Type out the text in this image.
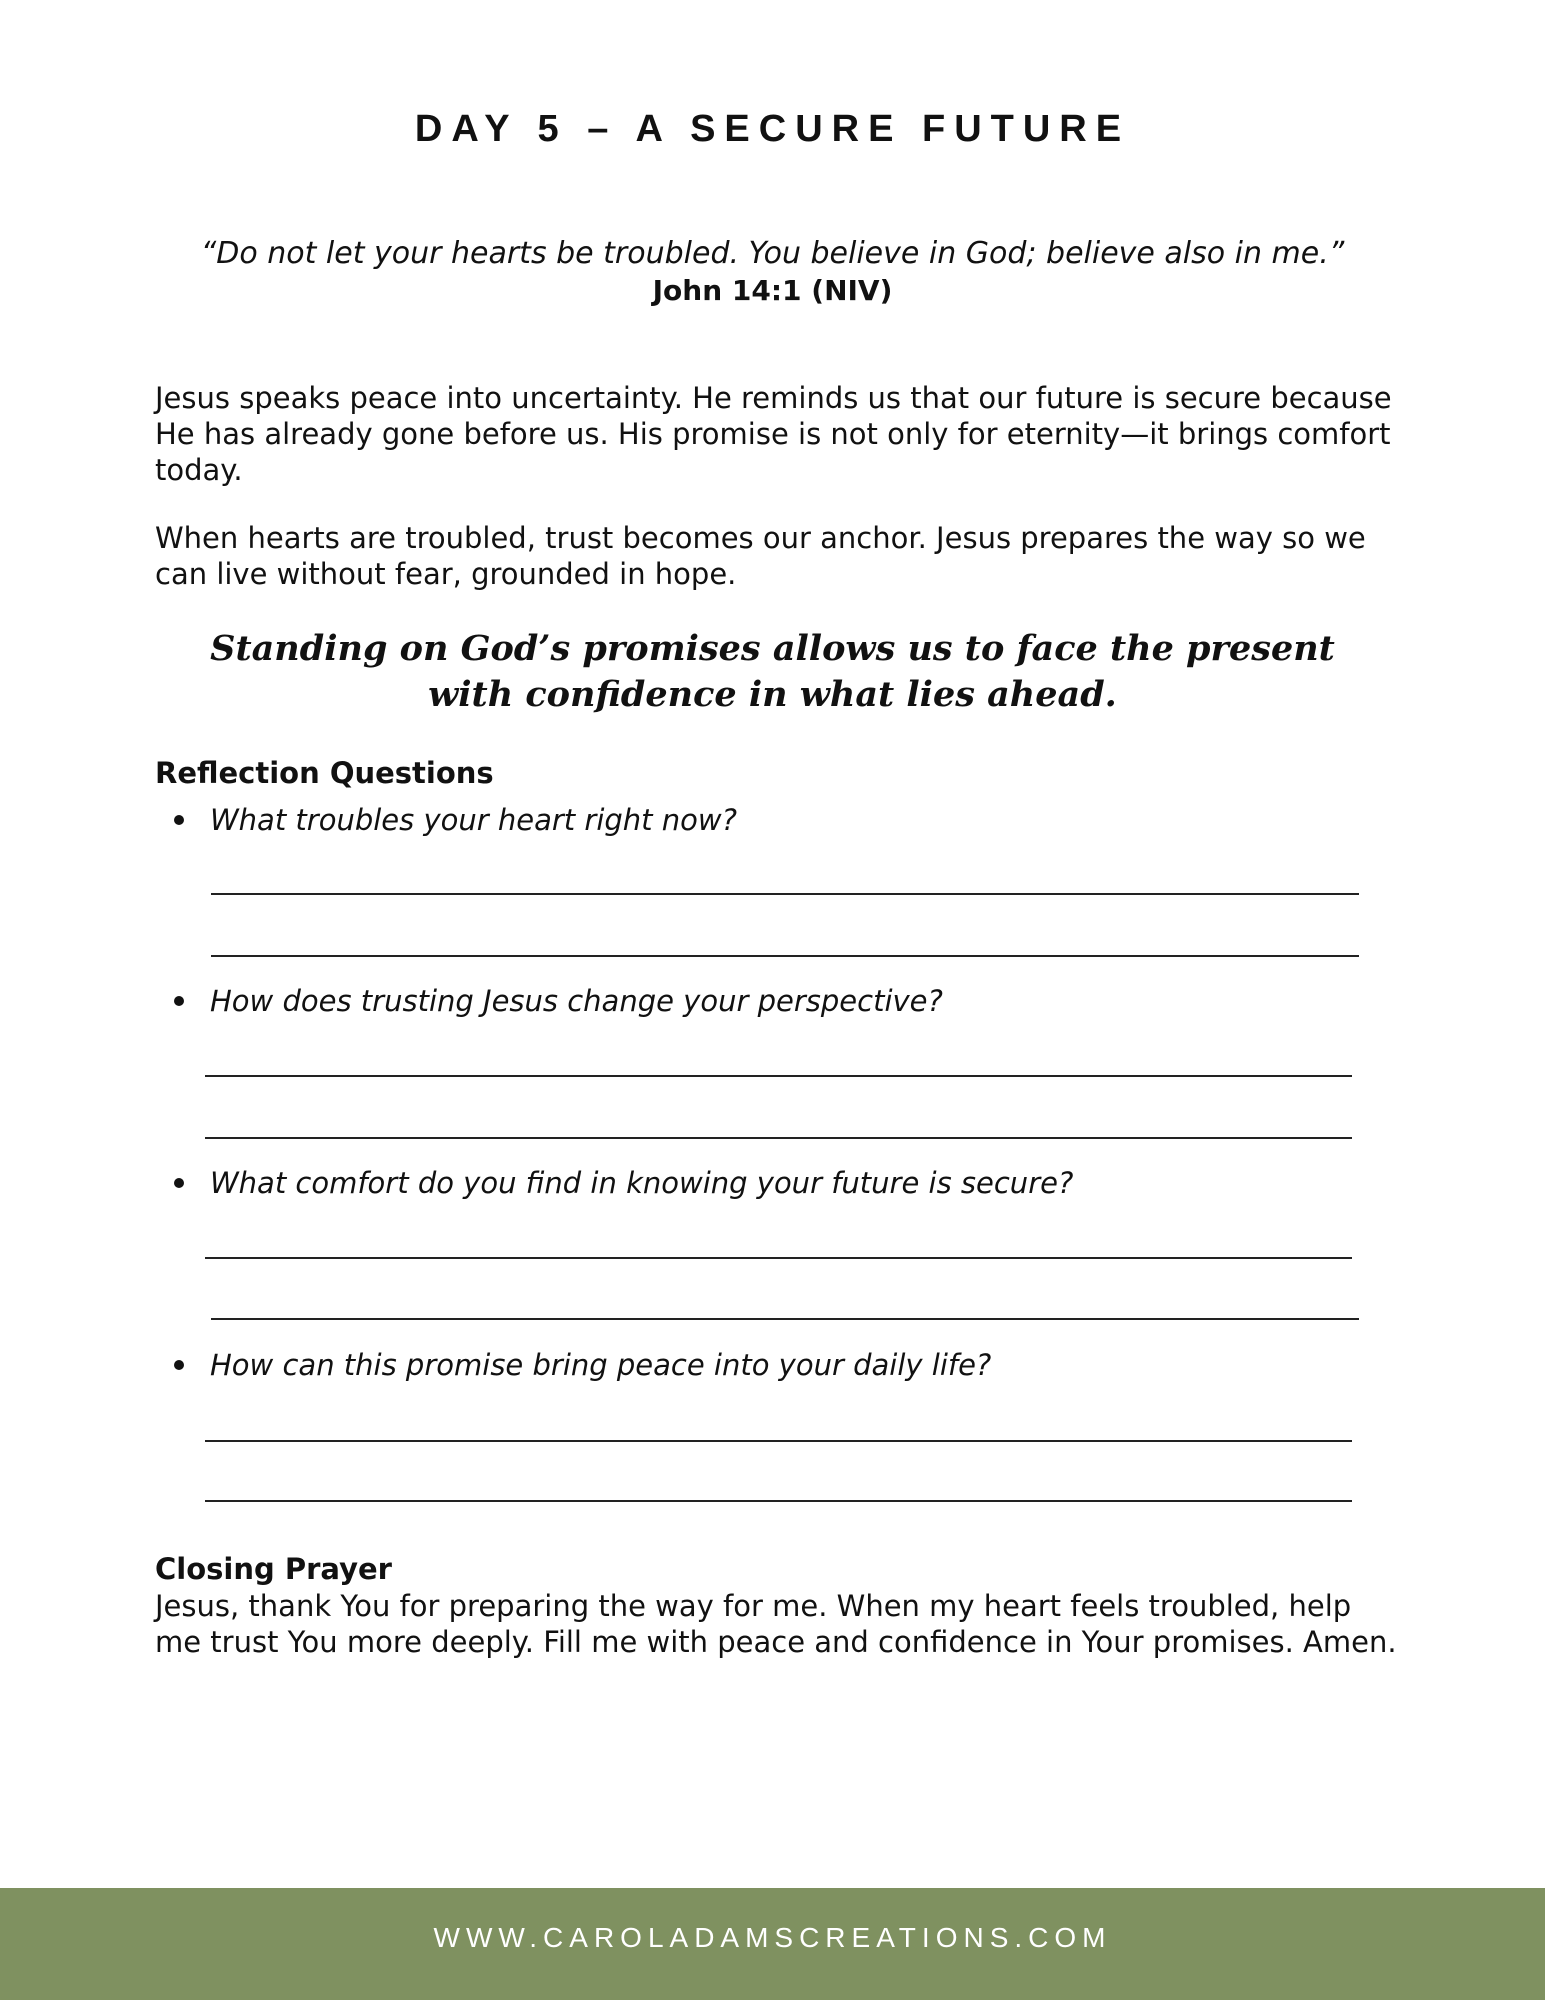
DAY 5 – A SECURE FUTURE
“Do not let your hearts be troubled. You believe in God; believe also in me.”
John 14:1 (NIV)

Jesus speaks peace into uncertainty. He reminds us that our future is secure because He has already gone before us. His promise is not only for eternity—it brings comfort today.

When hearts are troubled, trust becomes our anchor. Jesus prepares the way so we can live without fear, grounded in hope.

Standing on God’s promises allows us to face the present
with confidence in what lies ahead.
Reflection Questions
What troubles your heart right now?
How does trusting Jesus change your perspective?
What comfort do you find in knowing your future is secure?
How can this promise bring peace into your daily life?
Closing Prayer

Jesus, thank You for preparing the way for me. When my heart feels troubled, help me trust You more deeply. Fill me with peace and confidence in Your promises. Amen.

WWW.CAROLADAMSCREATIONS.COM
